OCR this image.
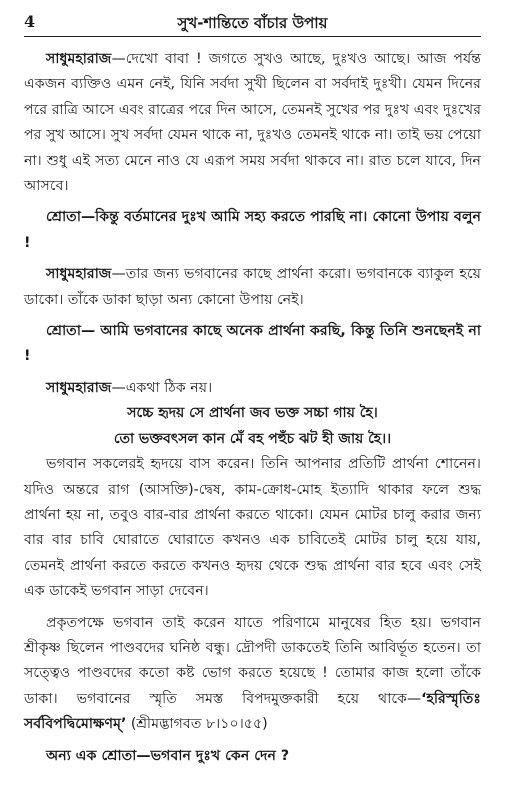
4	সুখ-শান্তিতে বাঁচার উপায়

সাধুমহারাজ—দেখো বাবা ! জগতে সুখও আছে, দুঃখও আছে। আজ পর্যন্ত একজন ব্যক্তিও এমন নেই, যিনি সর্বদা সুখী ছিলেন বা সর্বদাই দুঃখী। যেমন দিনের পরে রাত্রি আসে এবং রাত্রের পরে দিন আসে, তেমনই সুখের পর দুঃখ এবং দুঃখের পর সুখ আসে। সুখ সর্বদা যেমন থাকে না, দুঃখও তেমনই থাকে না। তাই ভয় পেয়ো না। শুধু এই সত্য মেনে নাও যে এরূপ সময় সর্বদা থাকবে না। রাত চলে যাবে, দিন আসবে।

শ্রোতা—কিন্তু বর্তমানের দুঃখ আমি সহ্য করতে পারছি না। কোনো উপায় বলুন !

সাধুমহারাজ—তার জন্য ভগবানের কাছে প্রার্থনা করো। ভগবানকে ব্যাকুল হয়ে ডাকো। তাঁকে ডাকা ছাড়া অন্য কোনো উপায় নেই।

শ্রোতা— আমি ভগবানের কাছে অনেক প্রার্থনা করছি, কিন্তু তিনি শুনছেনই না !

সাধুমহারাজ—একথা ঠিক নয়।

সচ্চে হৃদয় সে প্রার্থনা জব ভক্ত সচ্চা গায় হৈ।

তো ভক্তবৎসল কান মেঁ বহ পহুঁচ ঝট হী জায় হৈ।।

ভগবান সকলেরই হৃদয়ে বাস করেন। তিনি আপনার প্রতিটি প্রার্থনা শোনেন। যদিও অন্তরে রাগ (আসক্তি)-দ্বেষ, কাম-ক্রোধ-মোহ ইত্যাদি থাকার ফলে শুদ্ধ প্রার্থনা হয় না, তবুও বার-বার প্রার্থনা করতে থাকো। যেমন মোটর চালু করার জন্য বার বার চাবি ঘোরাতে ঘোরাতে কখনও এক চাবিতেই মোটর চালু হয়ে যায়, তেমনই প্রার্থনা করতে করতে কখনও হৃদয় থেকে শুদ্ধ প্রার্থনা বার হবে এবং সেই এক ডাকেই ভগবান সাড়া দেবেন।

প্রকৃতপক্ষে ভগবান তাই করেন যাতে পরিণামে মানুষের হিত হয়। ভগবান শ্রীকৃষ্ণ ছিলেন পাণ্ডবদের ঘনিষ্ঠ বন্ধু। দ্রৌপদী ডাকতেই তিনি আবির্ভূত হতেন। তা সত্ত্বেও পাণ্ডবদের কতো কষ্ট ভোগ করতে হয়েছে ! তোমার কাজ হলো তাঁকে ডাকা। ভগবানের স্মৃতি সমস্ত বিপদমুক্তকারী হয়ে থাকে—‘হরিস্মৃতিঃ সর্ববিপদ্বিমোক্ষণম্’ (শ্রীমদ্ভাগবত ৮।১০।৫৫)

অন্য এক শ্রোতা—ভগবান দুঃখ কেন দেন ?
